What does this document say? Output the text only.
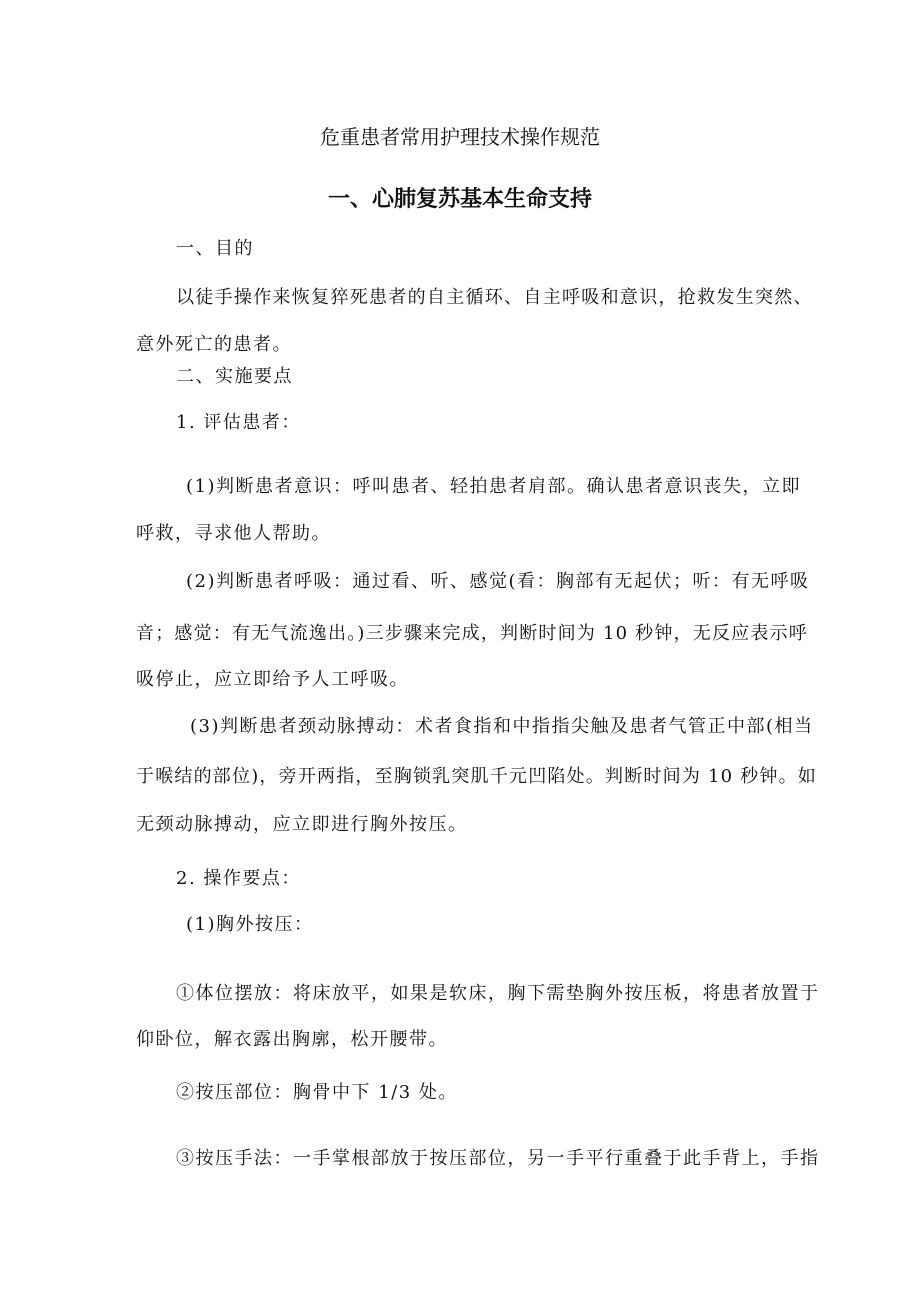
危重患者常用护理技术操作规范

一、心肺复苏基本生命支持

一、目的

以徒手操作来恢复猝死患者的自主循环、自主呼吸和意识，抢救发生突然、

意外死亡的患者。

二、实施要点

1. 评估患者：

(1)判断患者意识：呼叫患者、轻拍患者肩部。确认患者意识丧失，立即

呼救，寻求他人帮助。

(2)判断患者呼吸：通过看、听、感觉(看：胸部有无起伏；听：有无呼吸

音；感觉：有无气流逸出。)三步骤来完成，判断时间为 10 秒钟，无反应表示呼

吸停止，应立即给予人工呼吸。

(3)判断患者颈动脉搏动：术者食指和中指指尖触及患者气管正中部(相当

于喉结的部位)，旁开两指，至胸锁乳突肌千元凹陷处。判断时间为 10 秒钟。如

无颈动脉搏动，应立即进行胸外按压。

2. 操作要点：

(1)胸外按压：

①体位摆放：将床放平，如果是软床，胸下需垫胸外按压板，将患者放置于

仰卧位，解衣露出胸廓，松开腰带。

②按压部位：胸骨中下 1/3 处。

③按压手法：一手掌根部放于按压部位，另一手平行重叠于此手背上，手指
